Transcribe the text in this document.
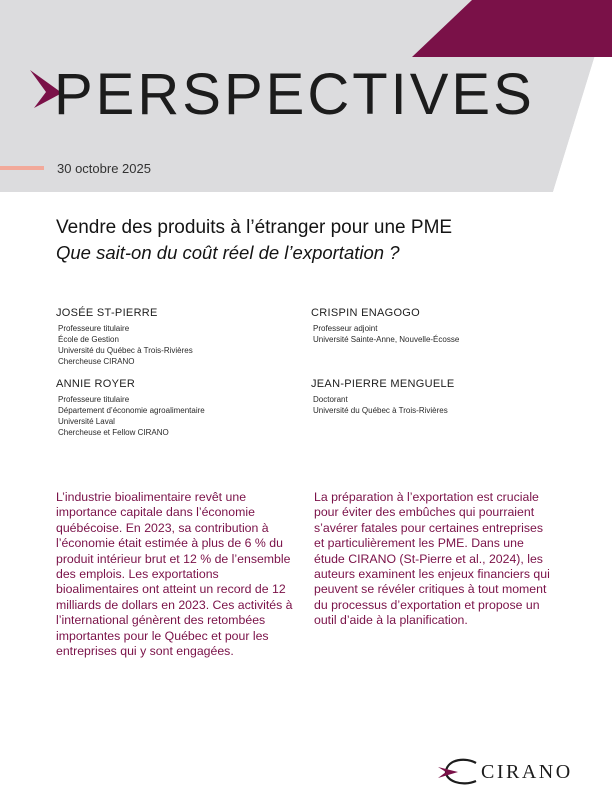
PERSPECTIVES
30 octobre 2025
Vendre des produits à l’étranger pour une PME
Que sait-on du coût réel de l’exportation ?
JOSÉE ST-PIERRE
Professeure titulaire
École de Gestion
Université du Québec à Trois-Rivières
Chercheuse CIRANO
CRISPIN ENAGOGO
Professeur adjoint
Université Sainte-Anne, Nouvelle-Écosse
ANNIE ROYER
Professeure titulaire
Département d’économie agroalimentaire
Université Laval
Chercheuse et Fellow CIRANO
JEAN-PIERRE MENGUELE
Doctorant
Université du Québec à Trois-Rivières

L’industrie bioalimentaire revêt une importance capitale dans l’économie québécoise. En 2023, sa contribution à l’économie était estimée à plus de 6 % du produit intérieur brut et 12 % de l’ensemble des emplois. Les exportations bioalimentaires ont atteint un record de 12 milliards de dollars en 2023. Ces activités à l’international génèrent des retombées importantes pour le Québec et pour les entreprises qui y sont engagées.

La préparation à l’exportation est cruciale pour éviter des embûches qui pourraient s’avérer fatales pour certaines entreprises et particulièrement les PME. Dans une étude CIRANO (St-Pierre et al., 2024), les auteurs examinent les enjeux financiers qui peuvent se révéler critiques à tout moment du processus d’exportation et propose un outil d’aide à la planification.

CIRANO
